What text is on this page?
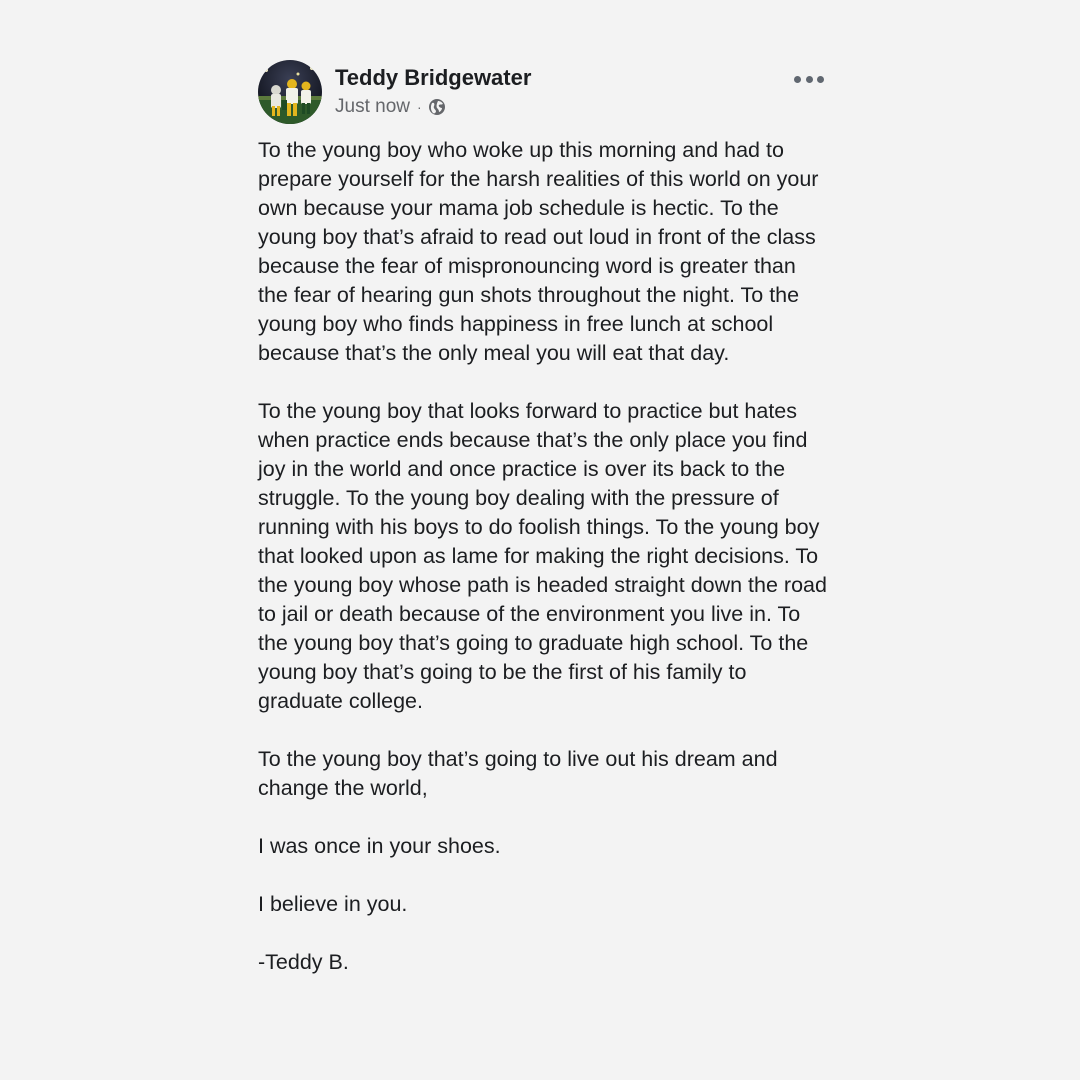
Teddy Bridgewater
Just now ·

To the young boy who woke up this morning and had to prepare yourself for the harsh realities of this world on your own because your mama job schedule is hectic. To the young boy that’s afraid to read out loud in front of the class because the fear of mispronouncing word is greater than the fear of hearing gun shots throughout the night. To the young boy who finds happiness in free lunch at school because that’s the only meal you will eat that day.

To the young boy that looks forward to practice but hates when practice ends because that’s the only place you find joy in the world and once practice is over its back to the struggle. To the young boy dealing with the pressure of running with his boys to do foolish things. To the young boy that looked upon as lame for making the right decisions. To the young boy whose path is headed straight down the road to jail or death because of the environment you live in. To the young boy that’s going to graduate high school. To the young boy that’s going to be the first of his family to graduate college.

To the young boy that’s going to live out his dream and change the world,

I was once in your shoes.

I believe in you.

-Teddy B.
